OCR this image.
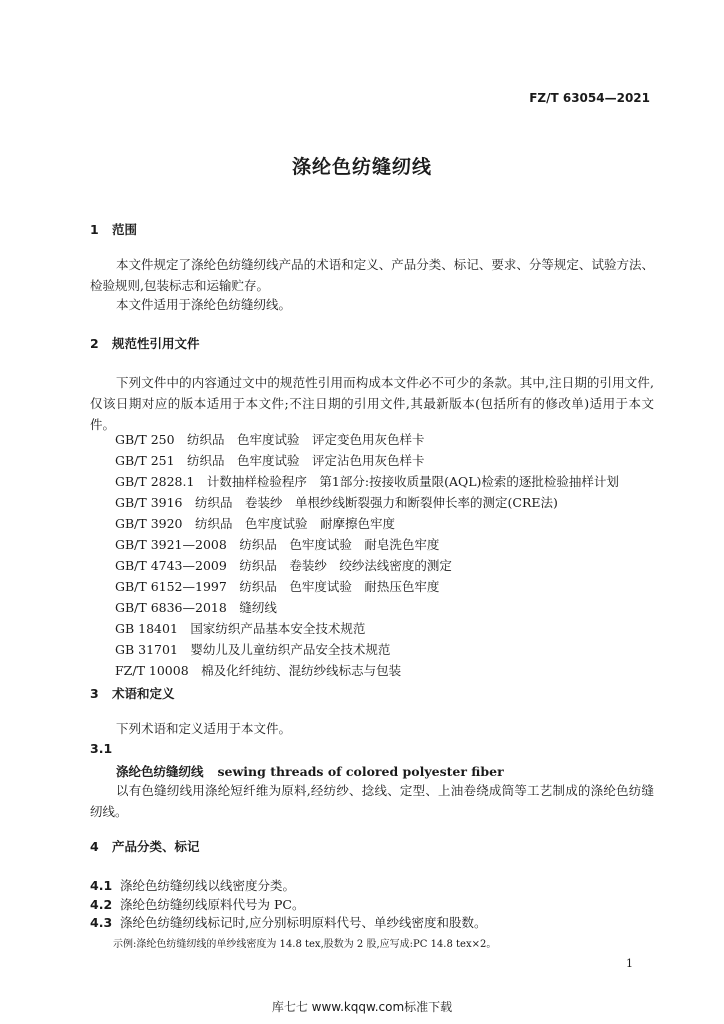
FZ/T 63054—2021
涤纶色纺缝纫线
1 范围
本文件规定了涤纶色纺缝纫线产品的术语和定义、产品分类、标记、要求、分等规定、试验方法、检验规则,包装标志和运输贮存。
本文件适用于涤纶色纺缝纫线。
2 规范性引用文件
下列文件中的内容通过文中的规范性引用而构成本文件必不可少的条款。其中,注日期的引用文件,仅该日期对应的版本适用于本文件;不注日期的引用文件,其最新版本(包括所有的修改单)适用于本文件。
GB/T 250　纺织品　色牢度试验　评定变色用灰色样卡
GB/T 251　纺织品　色牢度试验　评定沾色用灰色样卡
GB/T 2828.1　计数抽样检验程序　第1部分:按接收质量限(AQL)检索的逐批检验抽样计划
GB/T 3916　纺织品　卷装纱　单根纱线断裂强力和断裂伸长率的测定(CRE法)
GB/T 3920　纺织品　色牢度试验　耐摩擦色牢度
GB/T 3921—2008　纺织品　色牢度试验　耐皂洗色牢度
GB/T 4743—2009　纺织品　卷装纱　绞纱法线密度的测定
GB/T 6152—1997　纺织品　色牢度试验　耐热压色牢度
GB/T 6836—2018　缝纫线
GB 18401　国家纺织产品基本安全技术规范
GB 31701　婴幼儿及儿童纺织产品安全技术规范
FZ/T 10008　棉及化纤纯纺、混纺纱线标志与包装
3 术语和定义
下列术语和定义适用于本文件。
3.1
涤纶色纺缝纫线 sewing threads of colored polyester fiber
以有色缝纫线用涤纶短纤维为原料,经纺纱、捻线、定型、上油卷绕成筒等工艺制成的涤纶色纺缝纫线。
4 产品分类、标记
4.1 涤纶色纺缝纫线以线密度分类。
4.2 涤纶色纺缝纫线原料代号为 PC。
4.3 涤纶色纺缝纫线标记时,应分别标明原料代号、单纱线密度和股数。
示例:涤纶色纺缝纫线的单纱线密度为 14.8 tex,股数为 2 股,应写成:PC 14.8 tex×2。
1
库七七 www.kqqw.com标准下载
